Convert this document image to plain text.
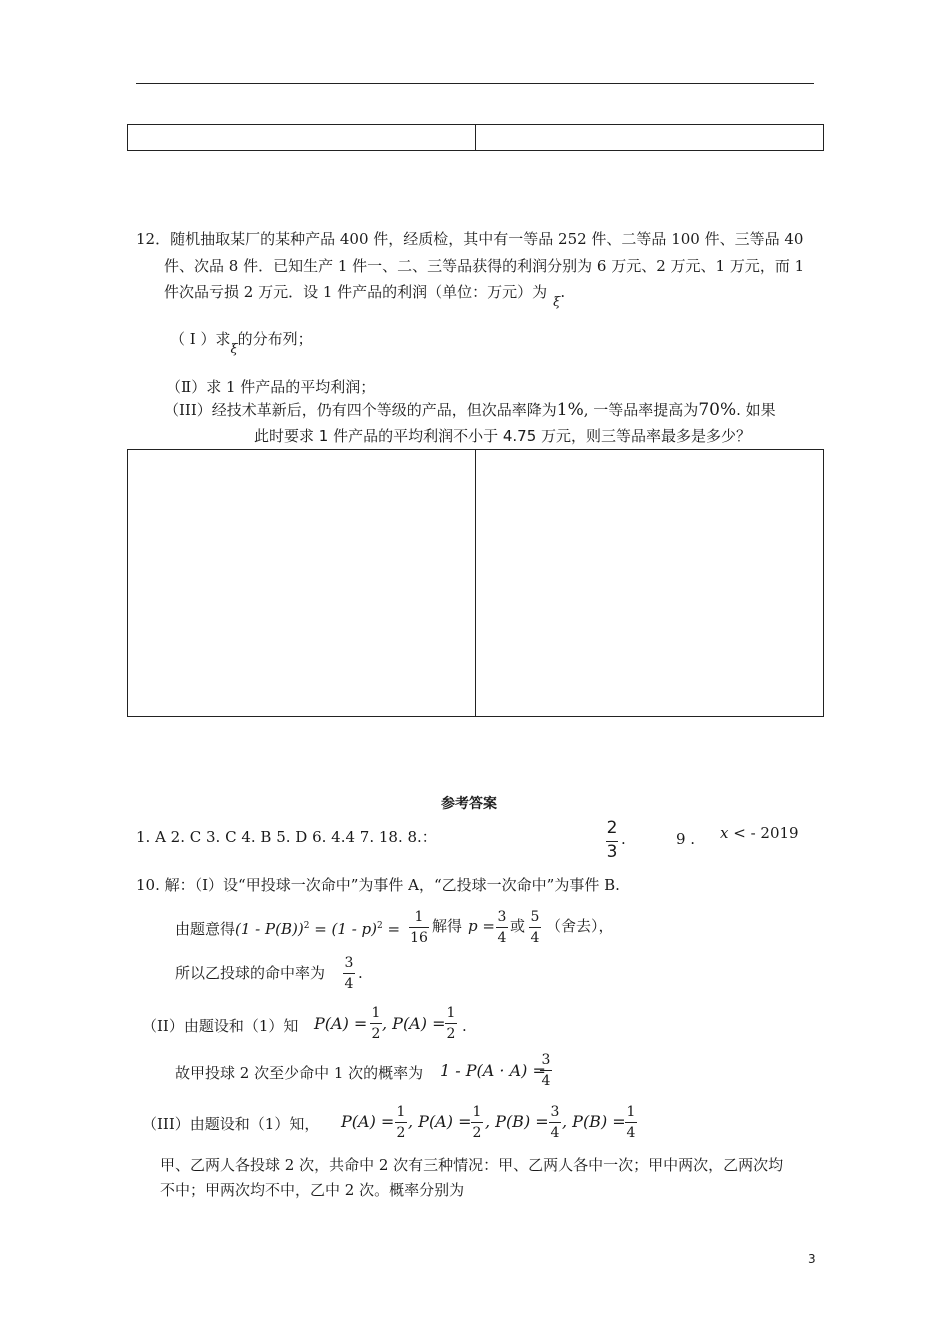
12．随机抽取某厂的某种产品 400 件，经质检，其中有一等品 252 件、二等品 100 件、三等品 40
件、次品 8 件．已知生产 1 件一、二、三等品获得的利润分别为 6 万元、2 万元、1 万元，而 1
件次品亏损 2 万元．设 1 件产品的利润（单位：万元）为ξ.
（ I ）求ξ的分布列；
（Ⅱ）求 1 件产品的平均利润；
（III）经技术革新后，仍有四个等级的产品，但次品率降为1%, 一等品率提高为70%. 如果
此时要求 1 件产品的平均利润不小于 4.75 万元，则三等品率最多是多少？
参考答案
1. A 2. C 3. C 4. B 5. D 6. 4.4 7. 18. 8.：	2
3
.	9 . x < - 2019
10. 解：（I）设“甲投球一次命中”为事件 A，“乙投球一次命中”为事件 B.
由题意得(1 - P(B))$^2$ = (1 - p)$^2$ =
1
16
解得 p = 3
4
或 5
4
（舍去），
所以乙投球的命中率为
3
4
.
（II）由题设和（1）知 P(A) =
1
2
, P(A) =
1
2 .
故甲投球 2 次至少命中 1 次的概率为 1 - P(A · A) =
3
4
（III）由题设和（1）知， P(A) = 1
2
, P(A) = 1
2
, P(B) = 3
4
, P(B) = 1
4
甲、乙两人各投球 2 次，共命中 2 次有三种情况：甲、乙两人各中一次；甲中两次，乙两次均
不中；甲两次均不中，乙中 2 次。概率分别为
3
